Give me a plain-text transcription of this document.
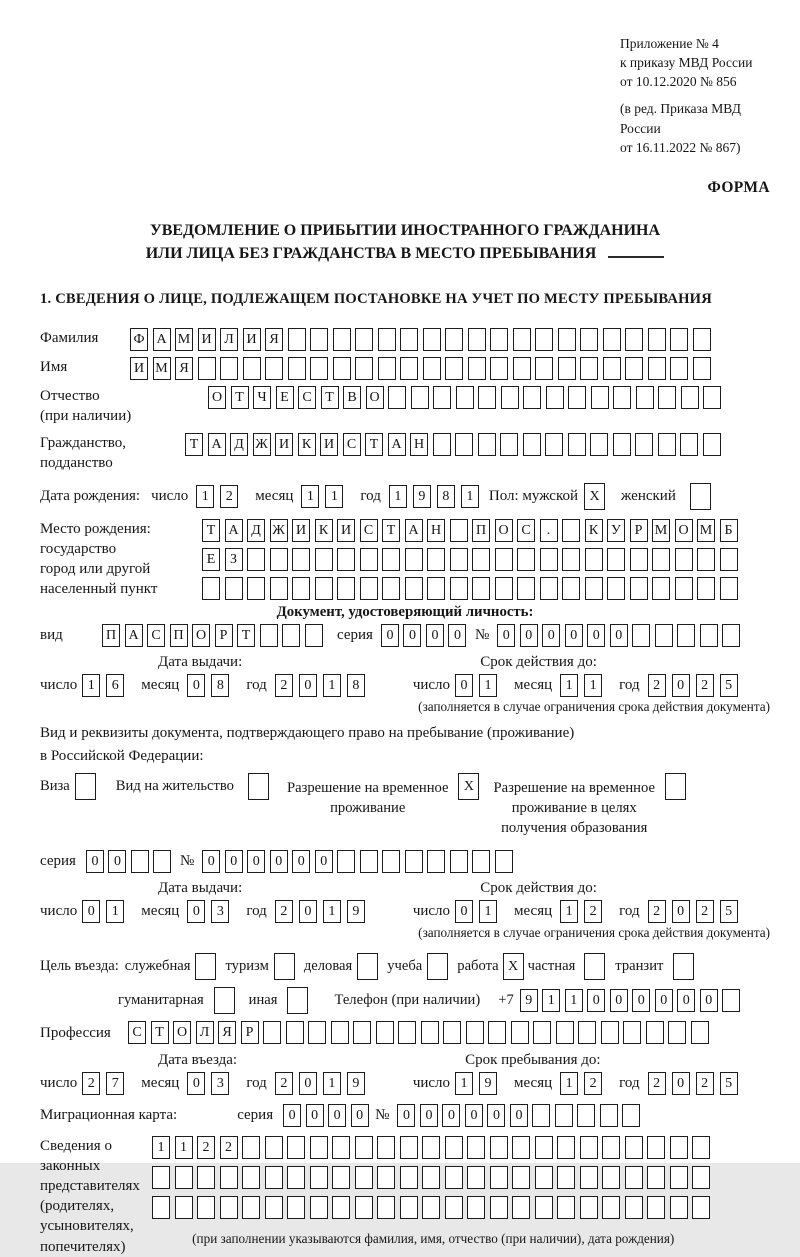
Приложение № 4
к приказу МВД России
от 10.12.2020 № 856
(в ред. Приказа МВД России
от 16.11.2022 № 867)
ФОРМА
УВЕДОМЛЕНИЕ О ПРИБЫТИИ ИНОСТРАННОГО ГРАЖДАНИНА
ИЛИ ЛИЦА БЕЗ ГРАЖДАНСТВА В МЕСТО ПРЕБЫВАНИЯ
1. СВЕДЕНИЯ О ЛИЦЕ, ПОДЛЕЖАЩЕМ ПОСТАНОВКЕ НА УЧЕТ ПО МЕСТУ ПРЕБЫВАНИЯ
Фамилия	Ф А М И Л И Я
Имя	И М Я
Отчество
(при наличии)
О Т Ч Е С Т В О
Гражданство,
подданство
Т А Д Ж И К И С Т А Н
Дата рождения: число 1	2	месяц 1	1	год 1	9	8	1	Пол: мужской X	женский
Место рождения:
государство
город или другой
населенный пункт
Т А Д Ж И К И С Т А Н П О С	.	К У Р М О М Б
Е	З
Документ, удостоверяющий личность:
вид	П А С П О Р	Т	серия 0	0	0	0 № 0	0	0	0	0	0
Дата выдачи:	Срок действия до:
число 1	6	месяц 0	8	год 2	0	1	8	число 0	1	месяц 1	1	год 2	0	2	5
(заполняется в случае ограничения срока действия документа)
Вид и реквизиты документа, подтверждающего право на пребывание (проживание)
в Российской Федерации:
Виза	Вид на жительство	Разрешение на временное
проживание
X	Разрешение на временное
проживание в целях
получения образования
серия	0	0	№ 0	0	0	0	0	0
Дата выдачи:	Срок действия до:
число 0	1	месяц 0	3	год 2	0	1	9	число 0	1	месяц 1	2	год 2	0	2	5
(заполняется в случае ограничения срока действия документа)
Цель въезда: служебная туризм деловая учеба работа X частная	транзит
гуманитарная	иная	Телефон (при наличии) +7 9	1	1	0	0	0	0	0	0
Профессия	С Т О Л Я Р
Дата въезда:	Срок пребывания до:
число 2	7	месяц 0	3	год 2	0	1	9	число 1	9	месяц 1	2	год 2	0	2	5
Миграционная карта:	серия	0	0	0	0 № 0	0	0	0	0	0
Сведения о
законных
представителях
(родителях,
усыновителях,
попечителях)
1	1	2	2
(при заполнении указываются фамилия, имя, отчество (при наличии), дата рождения)
